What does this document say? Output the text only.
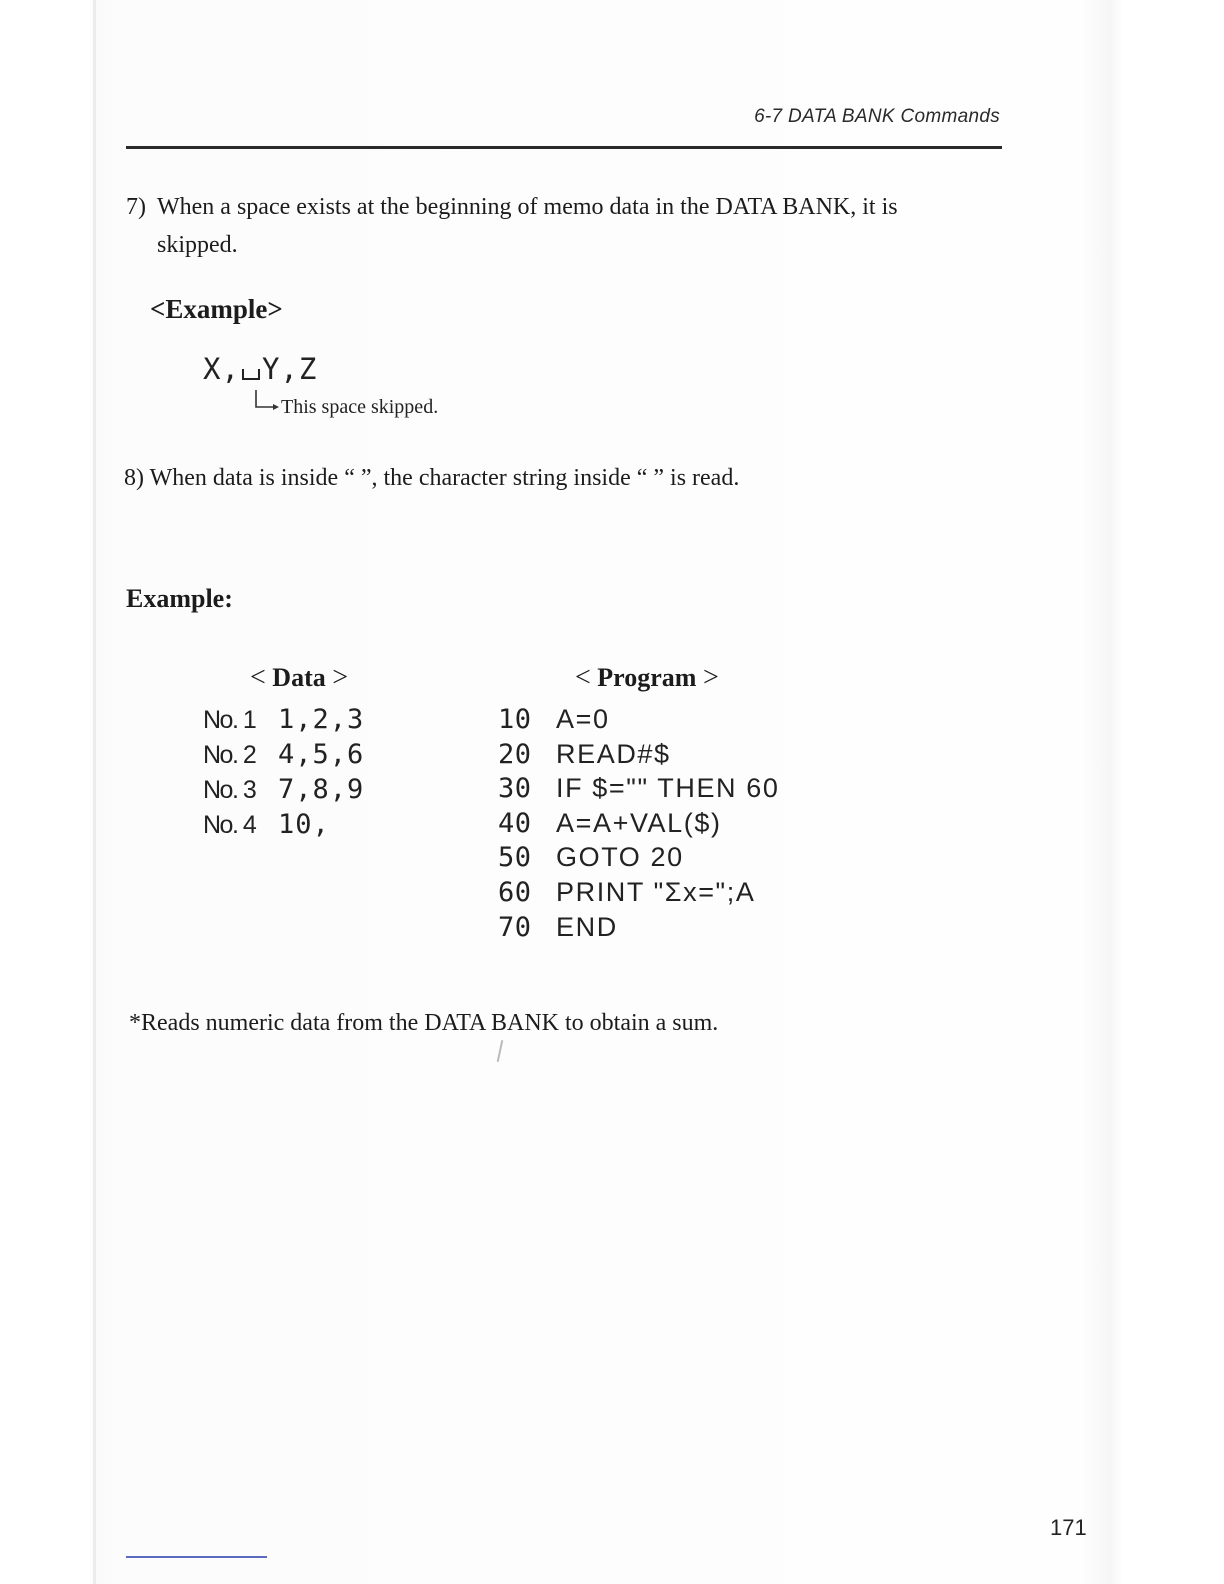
6-7 DATA BANK Commands
7) When a space exists at the beginning of memo data in the DATA BANK, it is
skipped.
<Example>
X, Y,Z
This space skipped.
8) When data is inside “ ”, the character string inside “ ” is read.
Example:
< Data >	< Program >
No. 1 1,2,3
No. 2 4,5,6
No. 3 7,8,9
No. 4 10,
10 A=0
20 READ#$
30 IF $="" THEN 60
40 A=A+VAL($)
50 GOTO 20
60 PRINT "Σx=";A
70 END
*Reads numeric data from the DATA BANK to obtain a sum.
171
